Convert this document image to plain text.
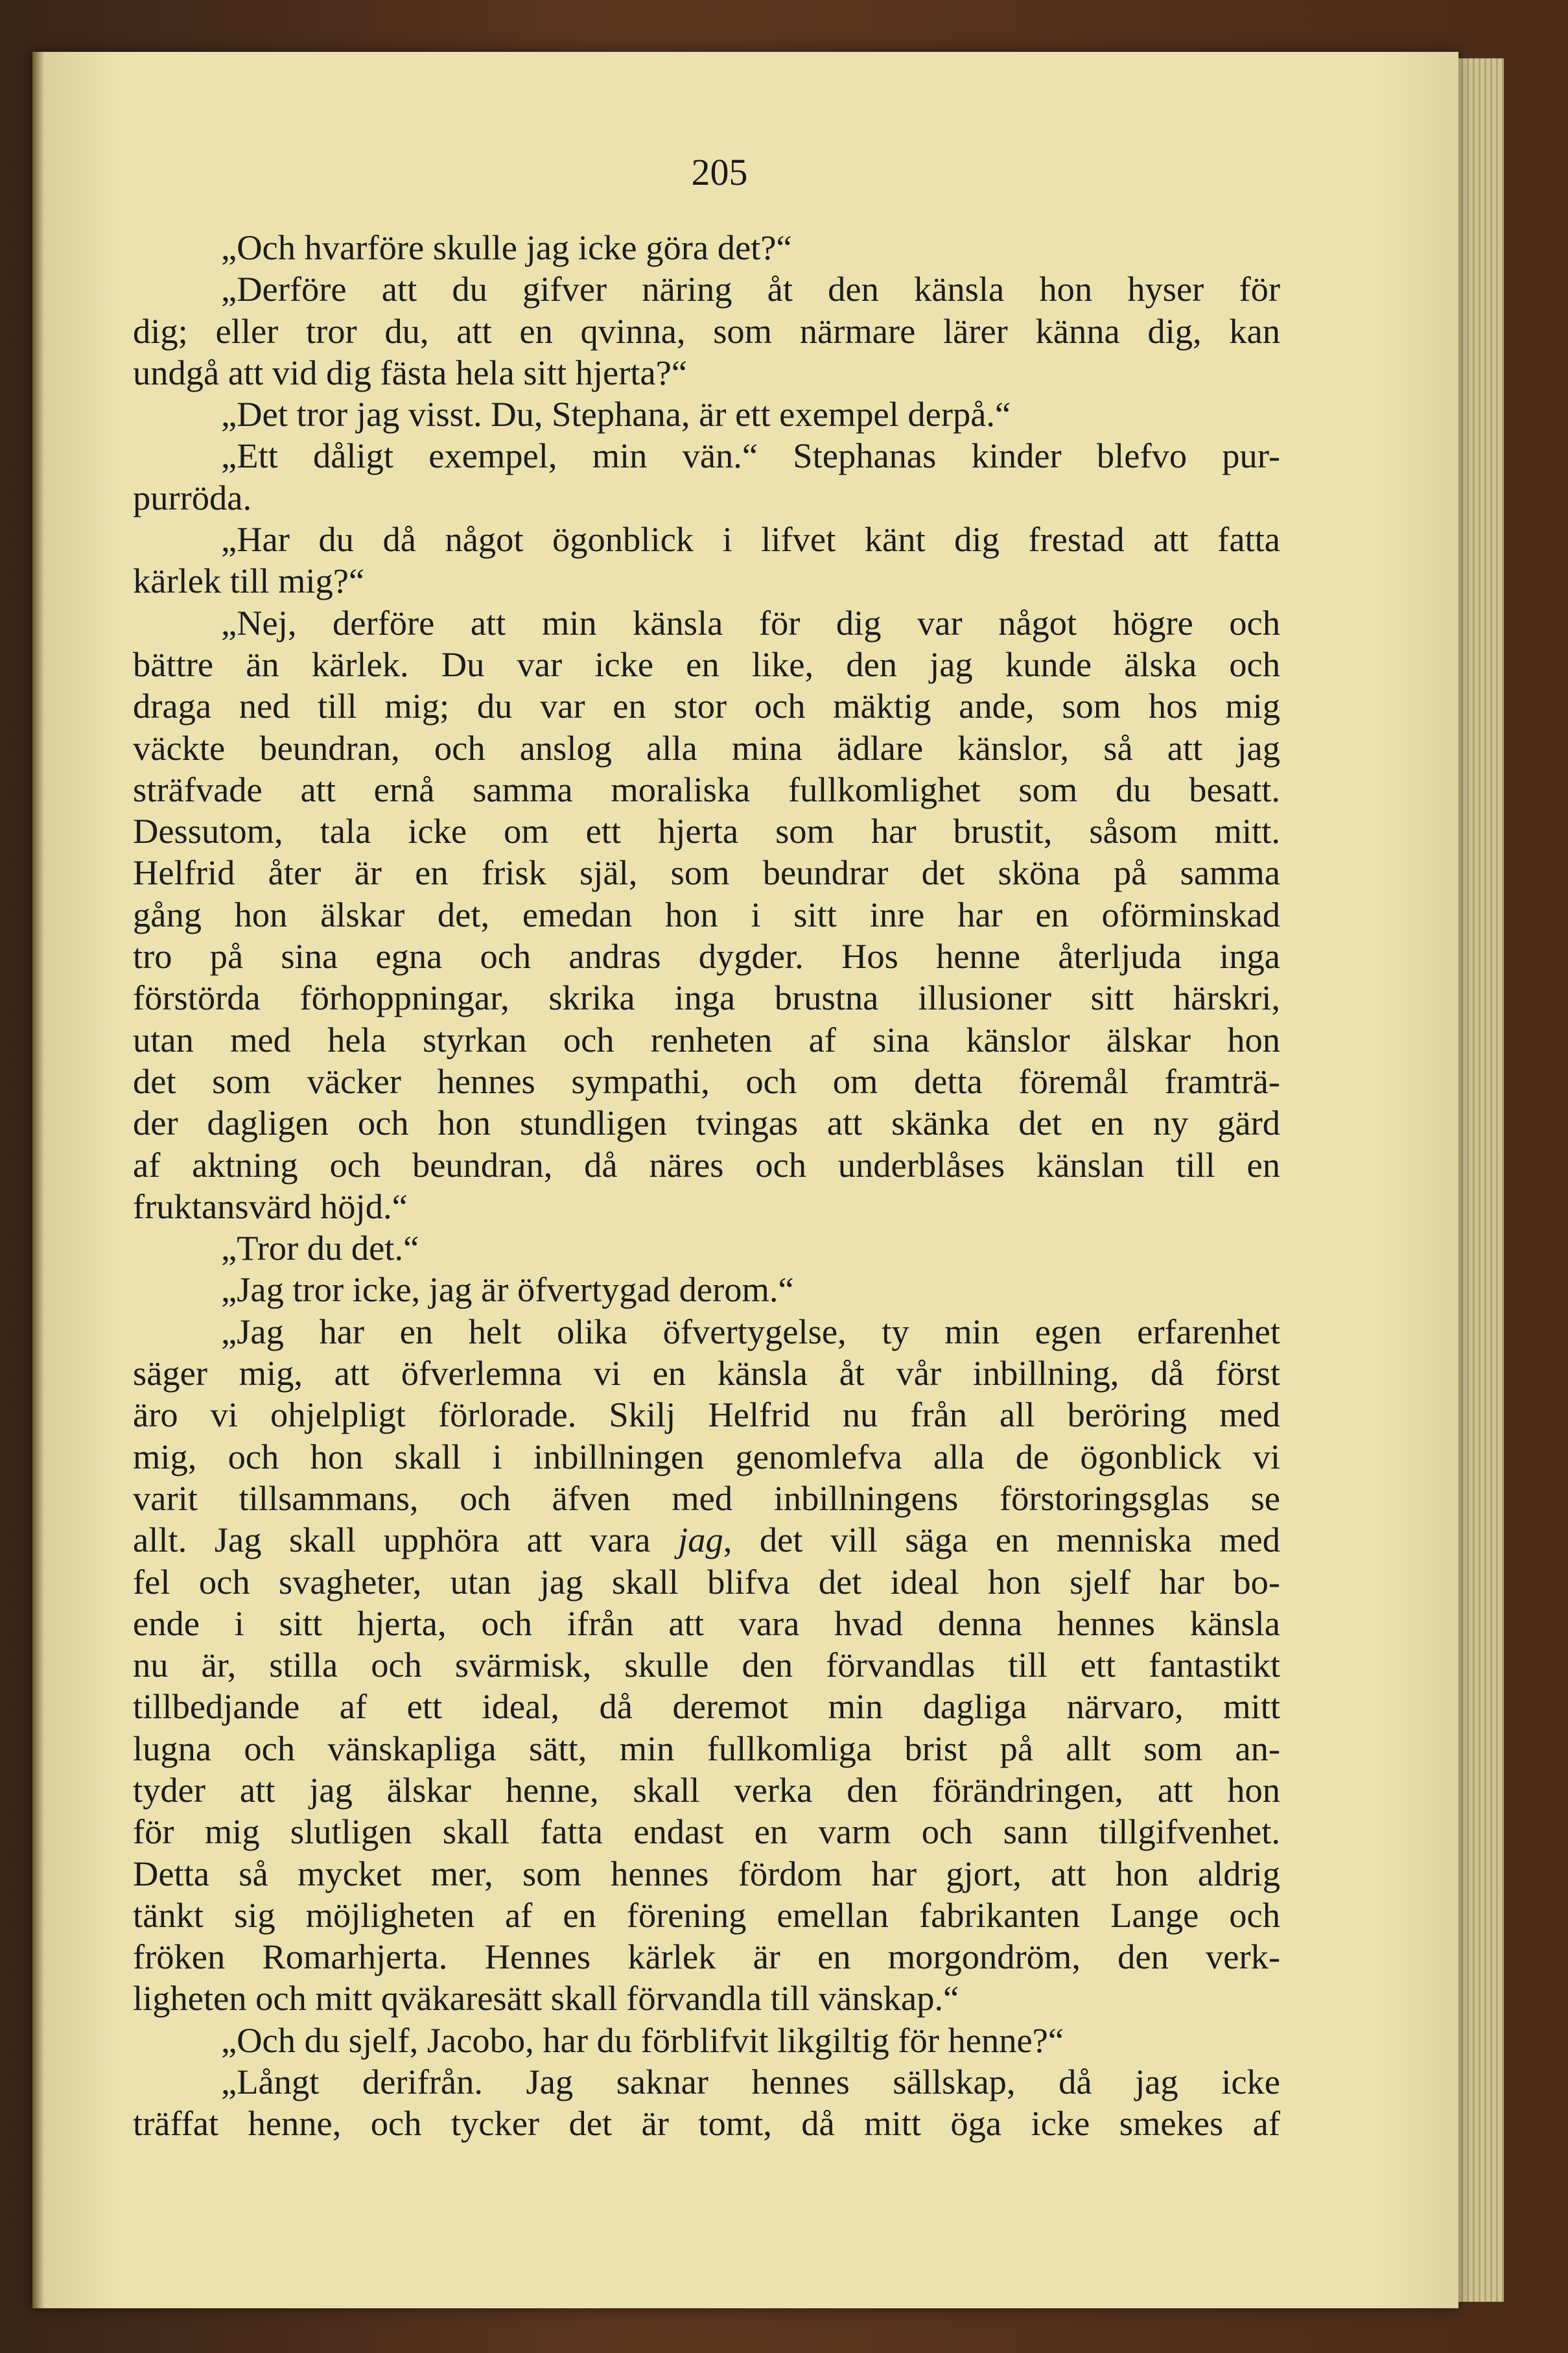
205
„Och hvarföre skulle jag icke göra det?“
„Derföre att du gifver näring åt den känsla hon hyser för
dig; eller tror du, att en qvinna, som närmare lärer känna dig, kan
undgå att vid dig fästa hela sitt hjerta?“
„Det tror jag visst. Du, Stephana, är ett exempel derpå.“
„Ett dåligt exempel, min vän.“ Stephanas kinder blefvo pur-
purröda.
„Har du då något ögonblick i lifvet känt dig frestad att fatta
kärlek till mig?“
„Nej, derföre att min känsla för dig var något högre och
bättre än kärlek. Du var icke en like, den jag kunde älska och
draga ned till mig; du var en stor och mäktig ande, som hos mig
väckte beundran, och anslog alla mina ädlare känslor, så att jag
sträfvade att ernå samma moraliska fullkomlighet som du besatt.
Dessutom, tala icke om ett hjerta som har brustit, såsom mitt.
Helfrid åter är en frisk själ, som beundrar det sköna på samma
gång hon älskar det, emedan hon i sitt inre har en oförminskad
tro på sina egna och andras dygder. Hos henne återljuda inga
förstörda förhoppningar, skrika inga brustna illusioner sitt härskri,
utan med hela styrkan och renheten af sina känslor älskar hon
det som väcker hennes sympathi, och om detta föremål framträ-
der dagligen och hon stundligen tvingas att skänka det en ny gärd
af aktning och beundran, då näres och underblåses känslan till en
fruktansvärd höjd.“
„Tror du det.“
„Jag tror icke, jag är öfvertygad derom.“
„Jag har en helt olika öfvertygelse, ty min egen erfarenhet
säger mig, att öfverlemna vi en känsla åt vår inbillning, då först
äro vi ohjelpligt förlorade. Skilj Helfrid nu från all beröring med
mig, och hon skall i inbillningen genomlefva alla de ögonblick vi
varit tillsammans, och äfven med inbillningens förstoringsglas se
allt. Jag skall upphöra att vara jag, det vill säga en menniska med
fel och svagheter, utan jag skall blifva det ideal hon sjelf har bo-
ende i sitt hjerta, och ifrån att vara hvad denna hennes känsla
nu är, stilla och svärmisk, skulle den förvandlas till ett fantastikt
tillbedjande af ett ideal, då deremot min dagliga närvaro, mitt
lugna och vänskapliga sätt, min fullkomliga brist på allt som an-
tyder att jag älskar henne, skall verka den förändringen, att hon
för mig slutligen skall fatta endast en varm och sann tillgifvenhet.
Detta så mycket mer, som hennes fördom har gjort, att hon aldrig
tänkt sig möjligheten af en förening emellan fabrikanten Lange och
fröken Romarhjerta. Hennes kärlek är en morgondröm, den verk-
ligheten och mitt qväkaresätt skall förvandla till vänskap.“
„Och du sjelf, Jacobo, har du förblifvit likgiltig för henne?“
„Långt derifrån. Jag saknar hennes sällskap, då jag icke
träffat henne, och tycker det är tomt, då mitt öga icke smekes af
